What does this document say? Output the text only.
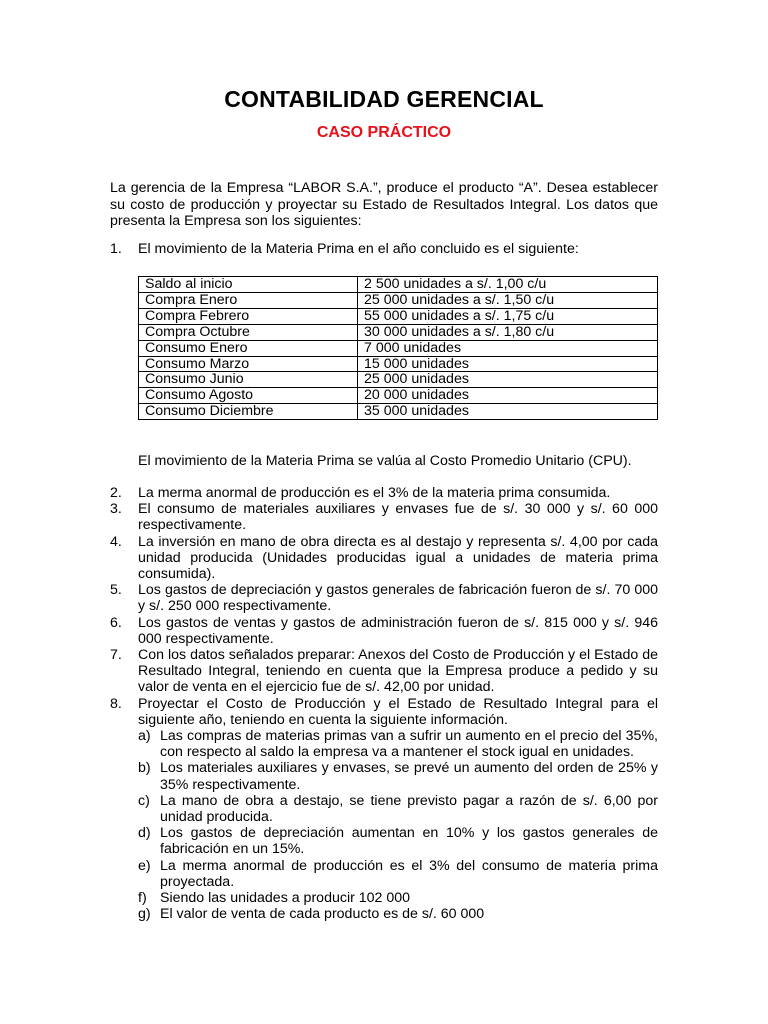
CONTABILIDAD GERENCIAL
CASO PRÁCTICO
La gerencia de la Empresa “LABOR S.A.”, produce el producto “A”. Desea establecer su costo de producción y proyectar su Estado de Resultados Integral. Los datos que presenta la Empresa son los siguientes:
1.	El movimiento de la Materia Prima en el año concluido es el siguiente:
Saldo al inicio	2 500 unidades a s/. 1,00 c/u
Compra Enero	25 000 unidades a s/. 1,50 c/u
Compra Febrero	55 000 unidades a s/. 1,75 c/u
Compra Octubre	30 000 unidades a s/. 1,80 c/u
Consumo Enero	7 000 unidades
Consumo Marzo	15 000 unidades
Consumo Junio	25 000 unidades
Consumo Agosto	20 000 unidades
Consumo Diciembre	35 000 unidades
El movimiento de la Materia Prima se valúa al Costo Promedio Unitario (CPU).
2.	La merma anormal de producción es el 3% de la materia prima consumida.
3.	El consumo de materiales auxiliares y envases fue de s/. 30 000 y s/. 60 000 respectivamente.
4.	La inversión en mano de obra directa es al destajo y representa s/. 4,00 por cada unidad producida (Unidades producidas igual a unidades de materia prima consumida).
5.	Los gastos de depreciación y gastos generales de fabricación fueron de s/. 70 000 y s/. 250 000 respectivamente.
6.	Los gastos de ventas y gastos de administración fueron de s/. 815 000 y s/. 946 000 respectivamente.
7.	Con los datos señalados preparar: Anexos del Costo de Producción y el Estado de Resultado Integral, teniendo en cuenta que la Empresa produce a pedido y su valor de venta en el ejercicio fue de s/. 42,00 por unidad.
8.	Proyectar el Costo de Producción y el Estado de Resultado Integral para el siguiente año, teniendo en cuenta la siguiente información.
a) Las compras de materias primas van a sufrir un aumento en el precio del 35%, con respecto al saldo la empresa va a mantener el stock igual en unidades.
b) Los materiales auxiliares y envases, se prevé un aumento del orden de 25% y 35% respectivamente.
c) La mano de obra a destajo, se tiene previsto pagar a razón de s/. 6,00 por unidad producida.
d) Los gastos de depreciación aumentan en 10% y los gastos generales de fabricación en un 15%.
e) La merma anormal de producción es el 3% del consumo de materia prima proyectada.
f) Siendo las unidades a producir 102 000
g) El valor de venta de cada producto es de s/. 60 000
